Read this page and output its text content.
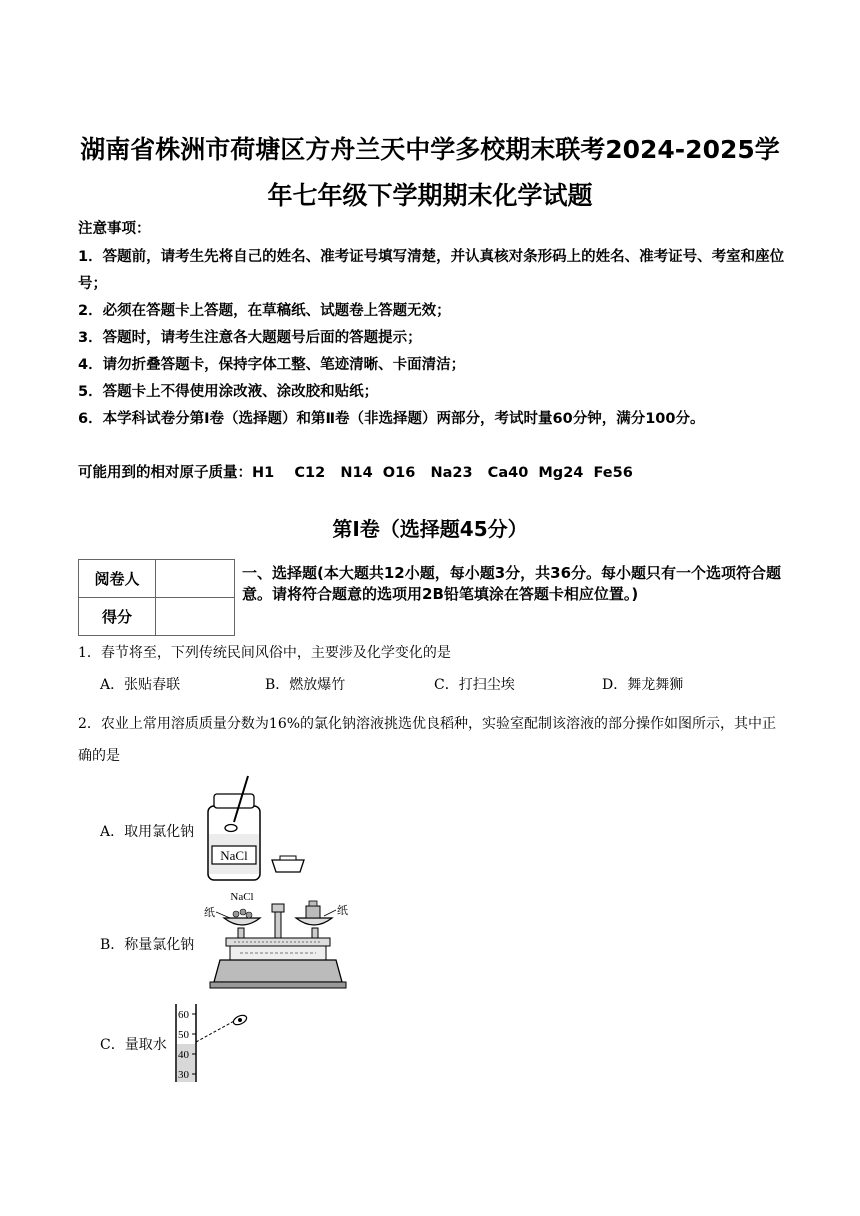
湖南省株洲市荷塘区方舟兰天中学多校期末联考2024-2025学
年七年级下学期期末化学试题
注意事项：
1．答题前，请考生先将自己的姓名、准考证号填写清楚，并认真核对条形码上的姓名、准考证号、考室和座位号；
2．必须在答题卡上答题，在草稿纸、试题卷上答题无效；
3．答题时，请考生注意各大题题号后面的答题提示；
4．请勿折叠答题卡，保持字体工整、笔迹清晰、卡面清洁；
5．答题卡上不得使用涂改液、涂改胶和贴纸；
6．本学科试卷分第Ⅰ卷（选择题）和第Ⅱ卷（非选择题）两部分，考试时量60分钟，满分100分。
可能用到的相对原子质量：H1    C12   N14  O16   Na23   Ca40  Mg24  Fe56
第Ⅰ卷（选择题45分）
阅卷人	
得分	
一、选择题(本大题共12小题，每小题3分，共36分。每小题只有一个选项符合题意。请将符合题意的选项用2B铅笔填涂在答题卡相应位置。)
1．春节将至，下列传统民间风俗中，主要涉及化学变化的是
A．张贴春联	B．燃放爆竹	C．打扫尘埃	D．舞龙舞狮
2．农业上常用溶质质量分数为16%的氯化钠溶液挑选优良稻种，实验室配制该溶液的部分操作如图所示，其中正确的是
A．取用氯化钠
NaCl
B．称量氯化钠
NaCl
纸	纸
C．量取水
60
50
40
30
